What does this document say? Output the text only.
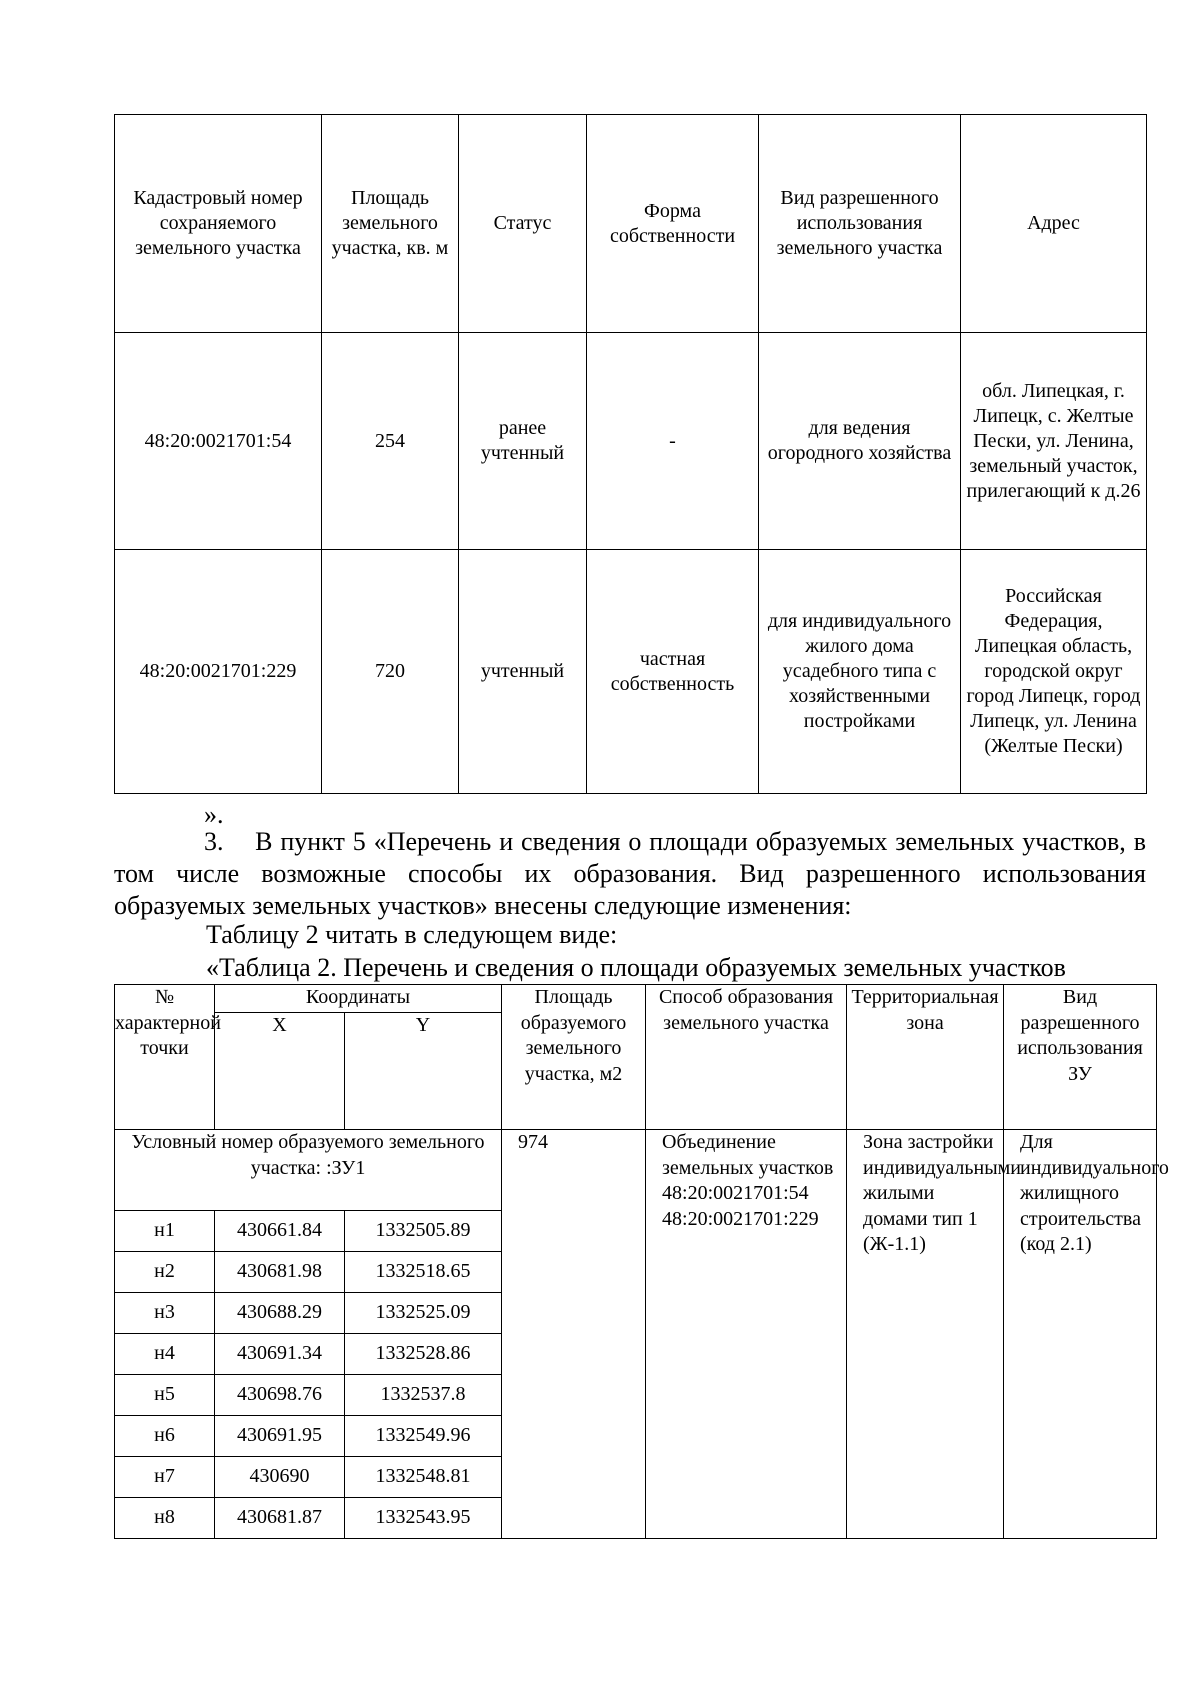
Кадастровый номер сохраняемого земельного участка	Площадь земельного участка, кв. м	Статус	Форма собственности	Вид разрешенного использования земельного участка	Адрес
48:20:0021701:54	254	ранее учтенный	-	для ведения огородного хозяйства	обл. Липецкая, г. Липецк, с. Желтые Пески, ул. Ленина, земельный участок, прилегающий к д.26
48:20:0021701:229	720	учтенный	частная собственность	для индивидуального жилого дома усадебного типа с хозяйственными постройками	Российская Федерация, Липецкая область, городской округ город Липецк, город Липецк, ул. Ленина (Желтые Пески)
».
3. В пункт 5 «Перечень и сведения о площади образуемых земельных участков, в том числе возможные способы их образования. Вид разрешенного использования образуемых земельных участков» внесены следующие изменения:
Таблицу 2 читать в следующем виде:
«Таблица 2. Перечень и сведения о площади образуемых земельных участков
№ характерной точки	Координаты		Площадь образуемого земельного участка, м2	Способ образования земельного участка	Территориальная зона	Вид разрешенного использования ЗУ
	X	Y				
Условный номер образуемого земельного участка: :ЗУ1			974	Объединение земельных участков 48:20:0021701:54 48:20:0021701:229	Зона застройки индивидуальными жилыми домами тип 1 (Ж-1.1)	Для индивидуального жилищного строительства (код 2.1)
н1	430661.84	1332505.89				
н2	430681.98	1332518.65				
н3	430688.29	1332525.09				
н4	430691.34	1332528.86				
н5	430698.76	1332537.8				
н6	430691.95	1332549.96				
н7	430690	1332548.81				
н8	430681.87	1332543.95				
